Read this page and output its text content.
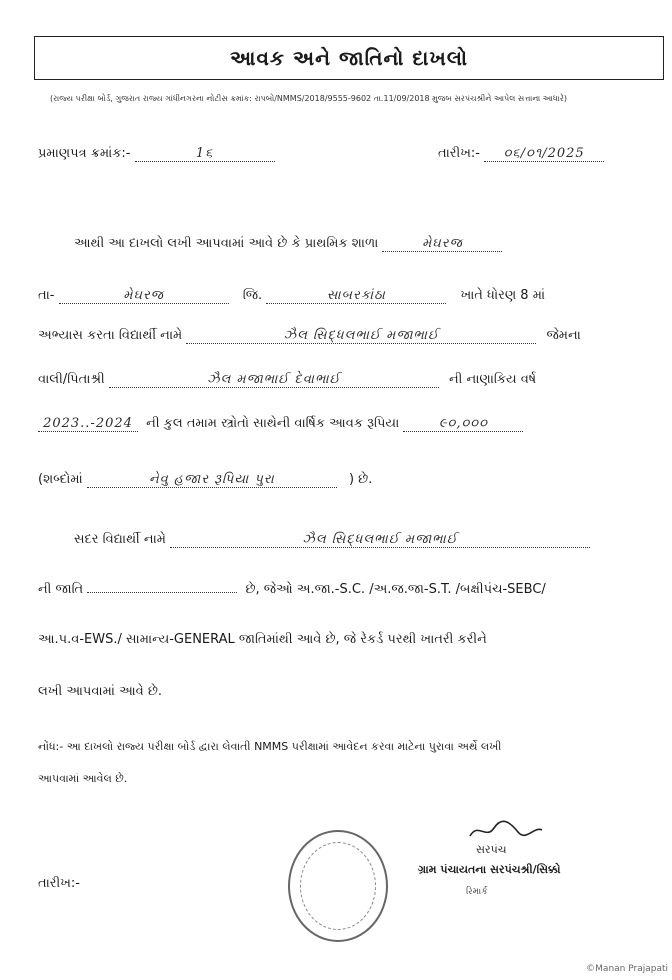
આવક અને જાતિનો દાખલો
(રાજ્ય પરીક્ષા બોર્ડ, ગુજરાત રાજ્ય ગાંધીનગરના નોટીસ ક્રમાંક: રાપબો/NMMS/2018/9555-9602 તા.11/09/2018 મુજબ સરપંચશ્રીને આપેલ સત્તાના આધારે)
પ્રમાણપત્ર ક્રમાંક:-	1૬	તારીખ:- ૦૬/૦૧/2025
આથી આ દાખલો લખી આપવામાં આવે છે કે પ્રાથમિક શાળા	મેઘરજ
તા-	મેઘરજ	જિ.	સાબરકાંઠા	ખાતે ધોરણ 8 માં
અભ્યાસ કરતા વિદ્યાર્થી નામે	ઝૈલ સિદ્ધલભાઈ મજાભાઈ	જેમના
વાલી/પિતાશ્રી	ઝૈલ મજાભાઈ દેવાભાઈ	ની નાણાકિય વર્ષ
2023..-2024 ની કુલ તમામ સ્ત્રોતો સાથેની વાર્ષિક આવક રૂપિયા	૯૦,૦૦૦
(શબ્દોમાં	નેવુ હજાર રૂપિયા પુરા	) છે.
સદર વિદ્યાર્થી નામે	ઝૈલ સિદ્ધલભાઈ મજાભાઈ
ની જાતિ	છે, જેઓ અ.જા.-S.C. /અ.જ.જા-S.T. /બક્ષીપંચ-SEBC/
આ.પ.વ-EWS./ સામાન્ય-GENERAL જાતિમાંથી આવે છે, જે રેકર્ડ પરથી ખાતરી કરીને
લખી આપવામાં આવે છે.
નોંધ:- આ દાખલો રાજ્ય પરીક્ષા બોર્ડ દ્વારા લેવાતી NMMS પરીક્ષામાં આવેદન કરવા માટેના પુરાવા અર્થે લખી
આપવામાં આવેલ છે.
તારીખ:-
સરપંચ
ગ્રામ પંચાયતના સરપંચશ્રી/સિક્કો
રિમાર્ક
©Manan Prajapati
